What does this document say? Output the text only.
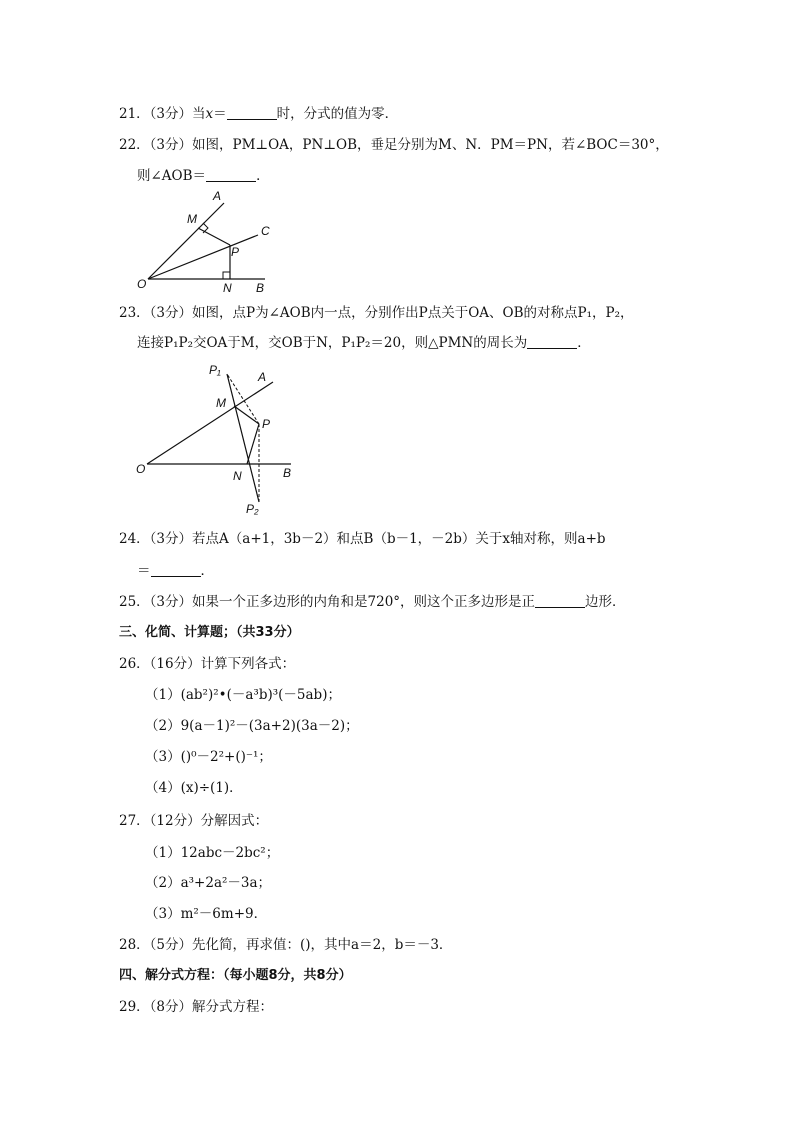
21．（3分）当x＝	时，分式的值为零．
22．（3分）如图，PM⊥OA，PN⊥OB，垂足分别为M、N．PM＝PN，若∠BOC＝30°，
则∠AOB＝	．
A
M
C
P
O	N B
23．（3分）如图，点P为∠AOB内一点，分别作出P点关于OA、OB的对称点P₁，P₂，
连接P₁P₂交OA于M，交OB于N，P₁P₂＝20，则△PMN的周长为	．
P₁	A
M
P
O	N	B
P₂
24．（3分）若点A（a+1，3b－2）和点B（b－1，－2b）关于x轴对称，则a+b
＝	．
25．（3分）如果一个正多边形的内角和是720°，则这个正多边形是正	边形．
三、化简、计算题；（共33分）
26．（16分）计算下列各式：
（1）(ab²)²•(－a³b)³(－5ab)；
（2）9(a－1)²－(3a+2)(3a－2)；
（3）()⁰－2²+()⁻¹；
（4）(x)÷(1)．
27．（12分）分解因式：
（1）12abc－2bc²；
（2）a³+2a²－3a；
（3）m²－6m+9．
28．（5分）先化简，再求值：()，其中a＝2，b＝－3．
四、解分式方程：（每小题8分，共8分）
29．（8分）解分式方程：
